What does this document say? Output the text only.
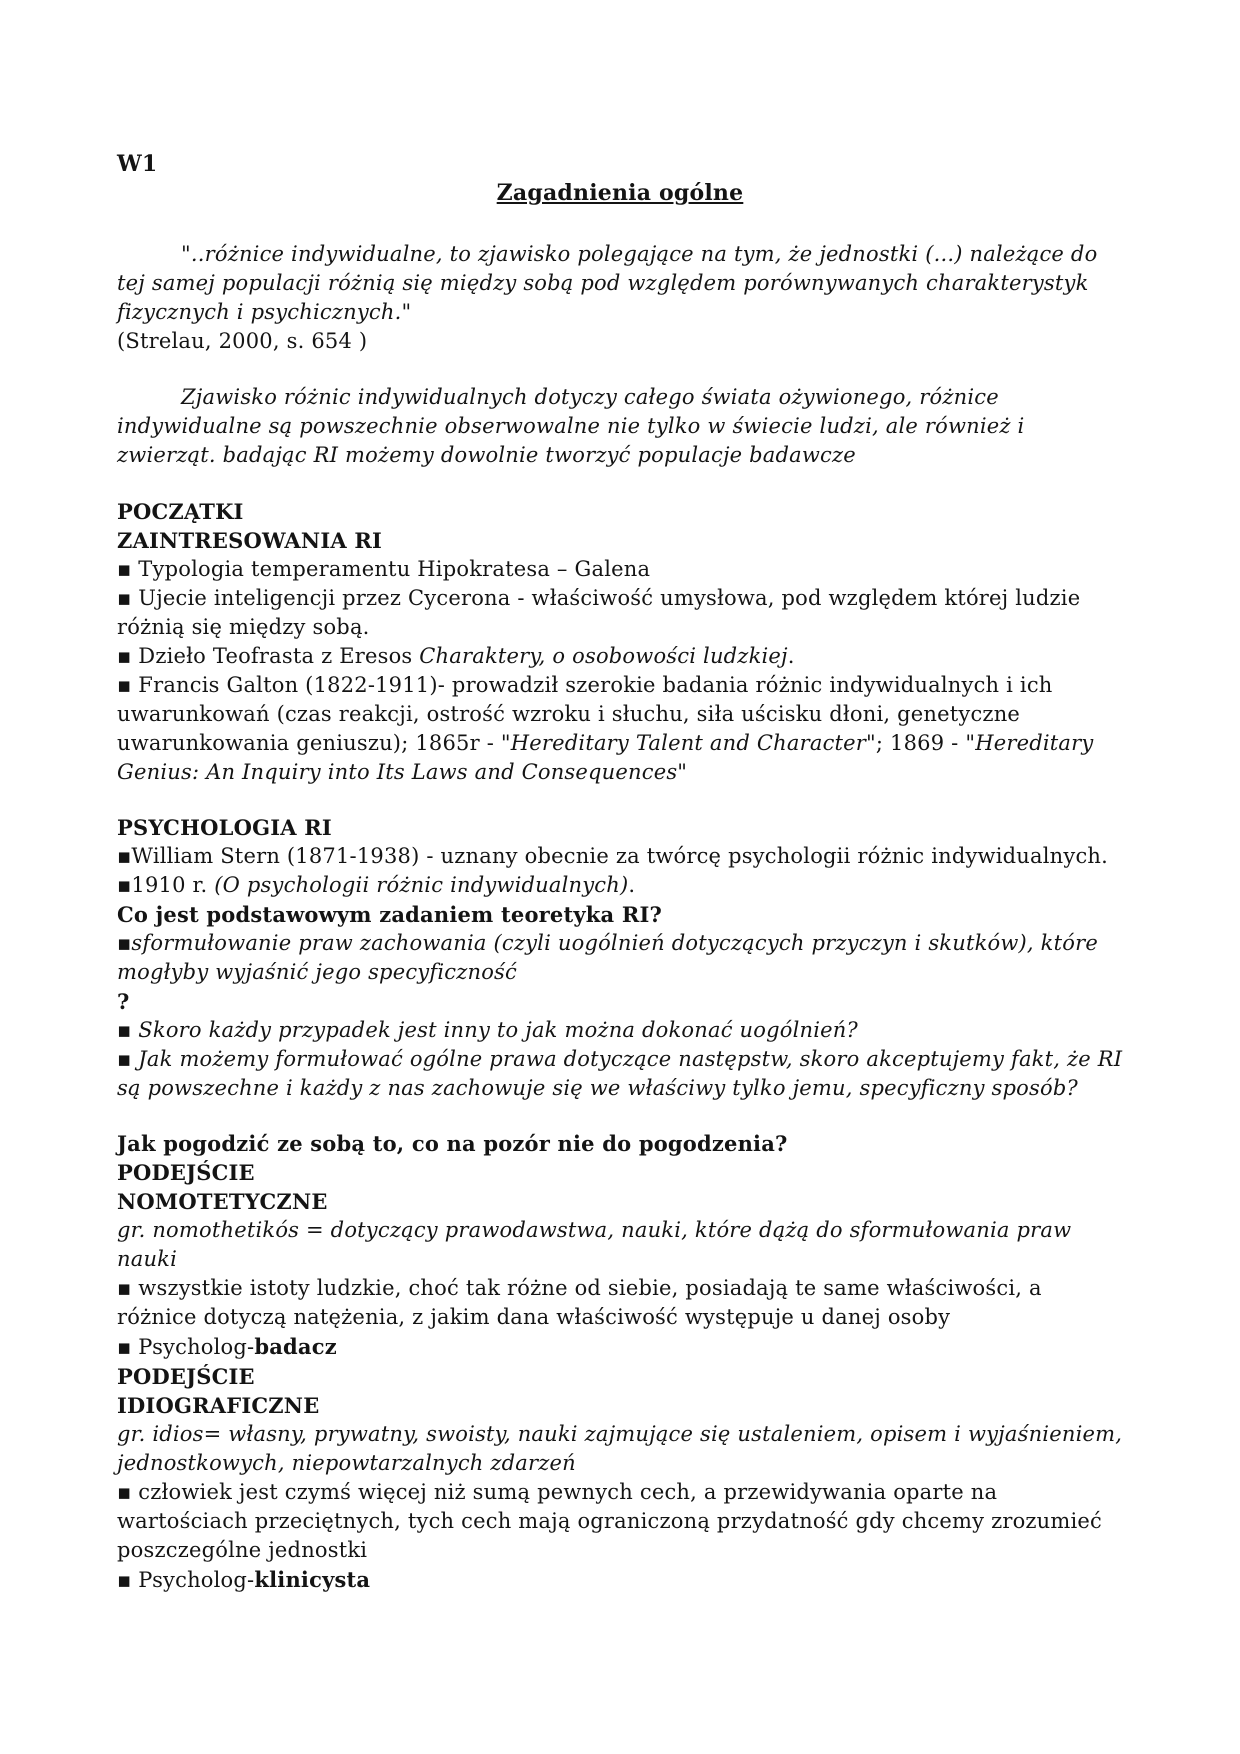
W1

Zagadnienia ogólne

"..różnice indywidualne, to zjawisko polegające na tym, że jednostki (...) należące do tej samej populacji różnią się między sobą pod względem porównywanych charakterystyk fizycznych i psychicznych."

(Strelau, 2000, s. 654 )

Zjawisko różnic indywidualnych dotyczy całego świata ożywionego, różnice indywidualne są powszechnie obserwowalne nie tylko w świecie ludzi, ale również i zwierząt. badając RI możemy dowolnie tworzyć populacje badawcze

POCZĄTKI

ZAINTRESOWANIA RI

▪ Typologia temperamentu Hipokratesa – Galena

▪ Ujecie inteligencji przez Cycerona - właściwość umysłowa, pod względem której ludzie różnią się między sobą.

▪ Dzieło Teofrasta z Eresos Charaktery, o osobowości ludzkiej.

▪ Francis Galton (1822-1911)- prowadził szerokie badania różnic indywidualnych i ich uwarunkowań (czas reakcji, ostrość wzroku i słuchu, siła uścisku dłoni, genetyczne uwarunkowania geniuszu); 1865r - "Hereditary Talent and Character"; 1869 - "Hereditary Genius: An Inquiry into Its Laws and Consequences"

PSYCHOLOGIA RI

▪William Stern (1871-1938) - uznany obecnie za twórcę psychologii różnic indywidualnych.

▪1910 r. (O psychologii różnic indywidualnych).

Co jest podstawowym zadaniem teoretyka RI?

▪sformułowanie praw zachowania (czyli uogólnień dotyczących przyczyn i skutków), które mogłyby wyjaśnić jego specyficzność

?

▪ Skoro każdy przypadek jest inny to jak można dokonać uogólnień?

▪ Jak możemy formułować ogólne prawa dotyczące następstw, skoro akceptujemy fakt, że RI są powszechne i każdy z nas zachowuje się we właściwy tylko jemu, specyficzny sposób?

Jak pogodzić ze sobą to, co na pozór nie do pogodzenia?

PODEJŚCIE

NOMOTETYCZNE

gr. nomothetikós = dotyczący prawodawstwa, nauki, które dążą do sformułowania praw nauki

▪ wszystkie istoty ludzkie, choć tak różne od siebie, posiadają te same właściwości, a różnice dotyczą natężenia, z jakim dana właściwość występuje u danej osoby

▪ Psycholog-badacz

PODEJŚCIE

IDIOGRAFICZNE

gr. idios= własny, prywatny, swoisty, nauki zajmujące się ustaleniem, opisem i wyjaśnieniem, jednostkowych, niepowtarzalnych zdarzeń

▪ człowiek jest czymś więcej niż sumą pewnych cech, a przewidywania oparte na wartościach przeciętnych, tych cech mają ograniczoną przydatność gdy chcemy zrozumieć poszczególne jednostki

▪ Psycholog-klinicysta
